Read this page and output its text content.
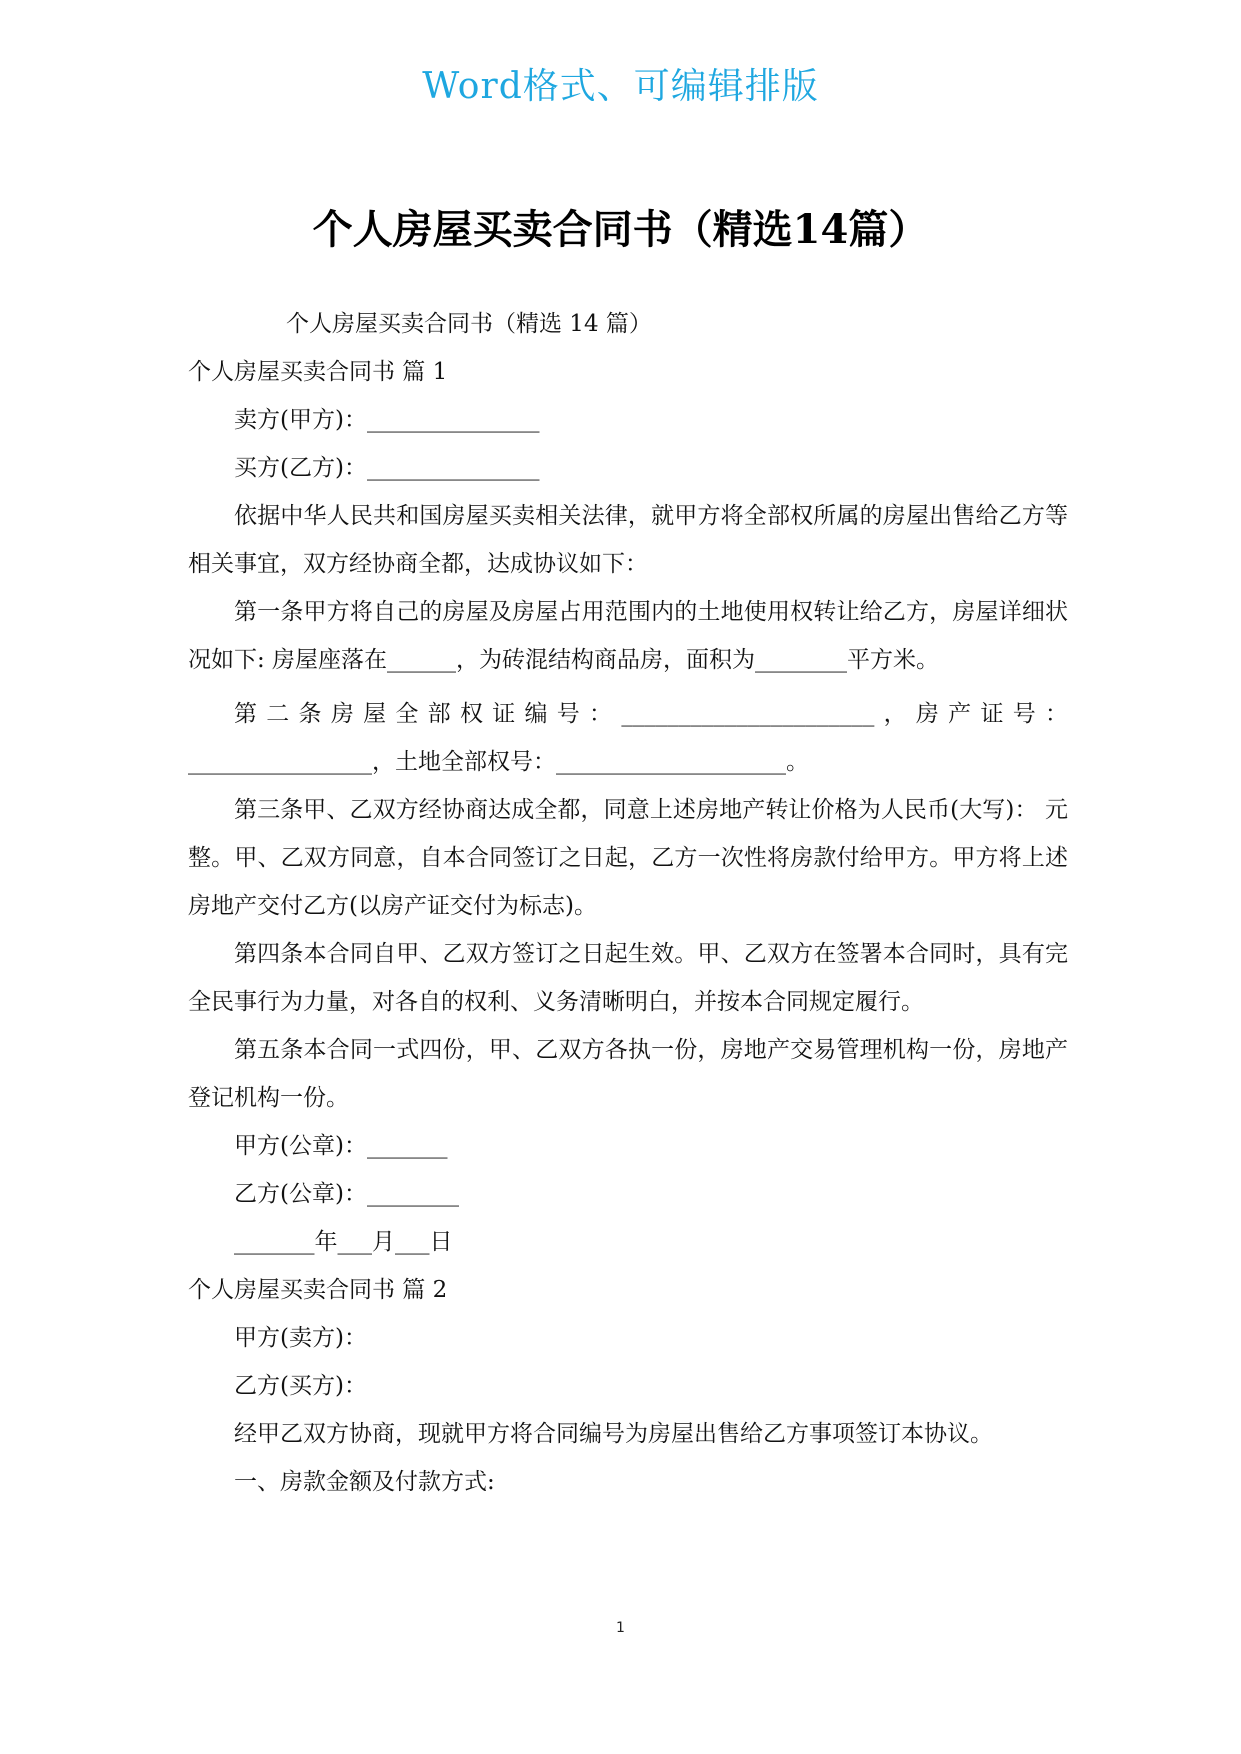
Word格式、可编辑排版
个人房屋买卖合同书（精选14篇）

个人房屋买卖合同书（精选 14 篇）

个人房屋买卖合同书 篇 1

卖方(甲方)：_______________

买方(乙方)：_______________

依据中华人民共和国房屋买卖相关法律，就甲方将全部权所属的房屋出售给乙方等相关事宜，双方经协商全都，达成协议如下：

第一条甲方将自己的房屋及房屋占用范围内的土地使用权转让给乙方，房屋详细状况如下: 房屋座落在______，为砖混结构商品房，面积为________平方米。

第二条房屋全部权证编号：______________________，房产证号：________________，土地全部权号：____________________。

第三条甲、乙双方经协商达成全都，同意上述房地产转让价格为人民币(大写)： 元整。甲、乙双方同意，自本合同签订之日起，乙方一次性将房款付给甲方。甲方将上述房地产交付乙方(以房产证交付为标志)。

第四条本合同自甲、乙双方签订之日起生效。甲、乙双方在签署本合同时，具有完全民事行为力量，对各自的权利、义务清晰明白，并按本合同规定履行。

第五条本合同一式四份，甲、乙双方各执一份，房地产交易管理机构一份，房地产登记机构一份。

甲方(公章)：_______

乙方(公章)：________

_______年___月___日

个人房屋买卖合同书 篇 2

甲方(卖方)：

乙方(买方)：

经甲乙双方协商，现就甲方将合同编号为房屋出售给乙方事项签订本协议。

一、房款金额及付款方式:

1
